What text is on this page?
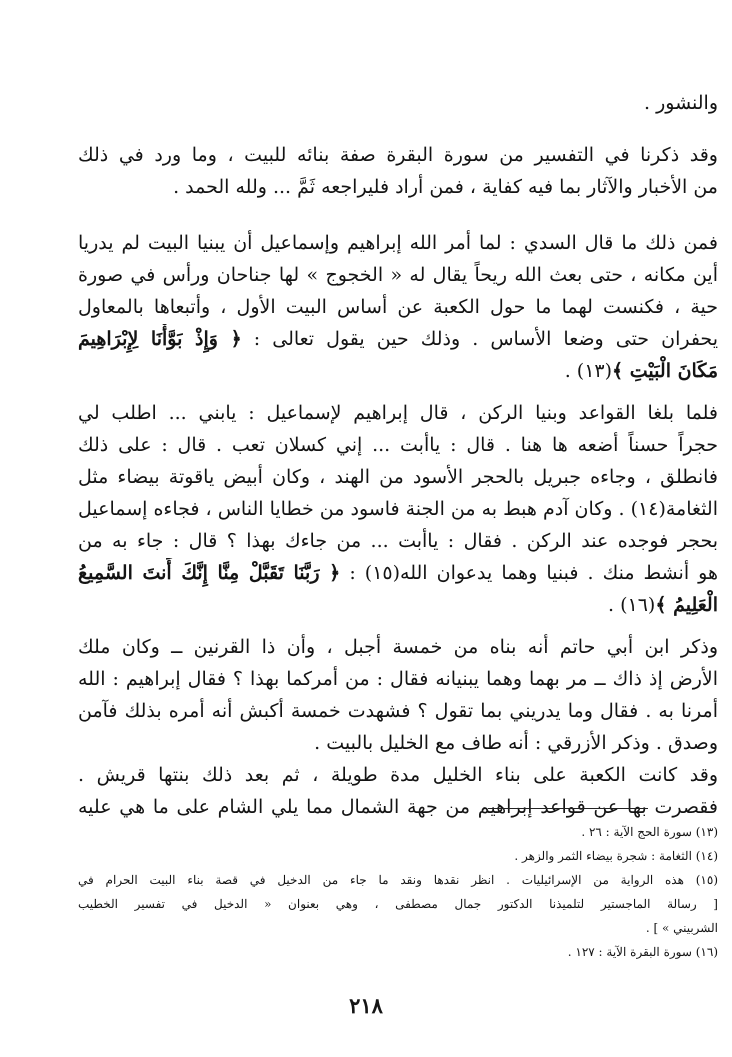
والنشور .
وقد ذكرنا في التفسير من سورة البقرة صفة بنائه للبيت ، وما ورد في ذلك
من الأخبار والآثار بما فيه كفاية ، فمن أراد فليراجعه ثَمَّ ... ولله الحمد .
فمن ذلك ما قال السدي : لما أمر الله إبراهيم وإسماعيل أن يبنيا البيت لم يدريا
أين مكانه ، حتى بعث الله ريحاً يقال له « الخجوج » لها جناحان ورأس في صورة
حية ، فكنست لهما ما حول الكعبة عن أساس البيت الأول ، وأتبعاها بالمعاول
يحفران حتى وضعا الأساس . وذلك حين يقول تعالى : ﴿ وَإِذْ بَوَّأْنَا لِإِبْرَاهِيمَ
مَكَانَ الْبَيْتِ ﴾(١٣) .
فلما بلغا القواعد وبنيا الركن ، قال إبراهيم لإسماعيل : يابني ... اطلب لي
حجراً حسناً أضعه ها هنا . قال : ياأبت ... إني كسلان تعب . قال : على ذلك
فانطلق ، وجاءه جبريل بالحجر الأسود من الهند ، وكان أبيض ياقوتة بيضاء مثل
الثغامة(١٤) . وكان آدم هبط به من الجنة فاسود من خطايا الناس ، فجاءه إسماعيل
بحجر فوجده عند الركن . فقال : ياأبت ... من جاءك بهذا ؟ قال : جاء به من
هو أنشط منك . فبنيا وهما يدعوان الله(١٥) : ﴿ رَبَّنَا تَقَبَّلْ مِنَّا إِنَّكَ أَنتَ السَّمِيعُ
الْعَلِيمُ ﴾(١٦) .
وذكر ابن أبي حاتم أنه بناه من خمسة أجبل ، وأن ذا القرنين ــ وكان ملك
الأرض إذ ذاك ــ مر بهما وهما يبنيانه فقال : من أمركما بهذا ؟ فقال إبراهيم : الله
أمرنا به . فقال وما يدريني بما تقول ؟ فشهدت خمسة أكبش أنه أمره بذلك فآمن
وصدق . وذكر الأزرقي : أنه طاف مع الخليل بالبيت .
وقد كانت الكعبة على بناء الخليل مدة طويلة ، ثم بعد ذلك بنتها قريش .
فقصرت بها عن قواعد إبراهيم من جهة الشمال مما يلي الشام على ما هي عليه
(١٣) سورة الحج الآية : ٢٦ .
(١٤) الثغامة : شجرة بيضاء الثمر والزهر .
(١٥) هذه الرواية من الإسرائيليات . انظر نقدها ونقد ما جاء من الدخيل في قصة بناء البيت الحرام في
[ رسالة الماجستير لتلميذنا الدكتور جمال مصطفى ، وهي بعنوان « الدخيل في تفسير الخطيب
الشربيني » ] .
(١٦) سورة البقرة الآية : ١٢٧ .
٢١٨
